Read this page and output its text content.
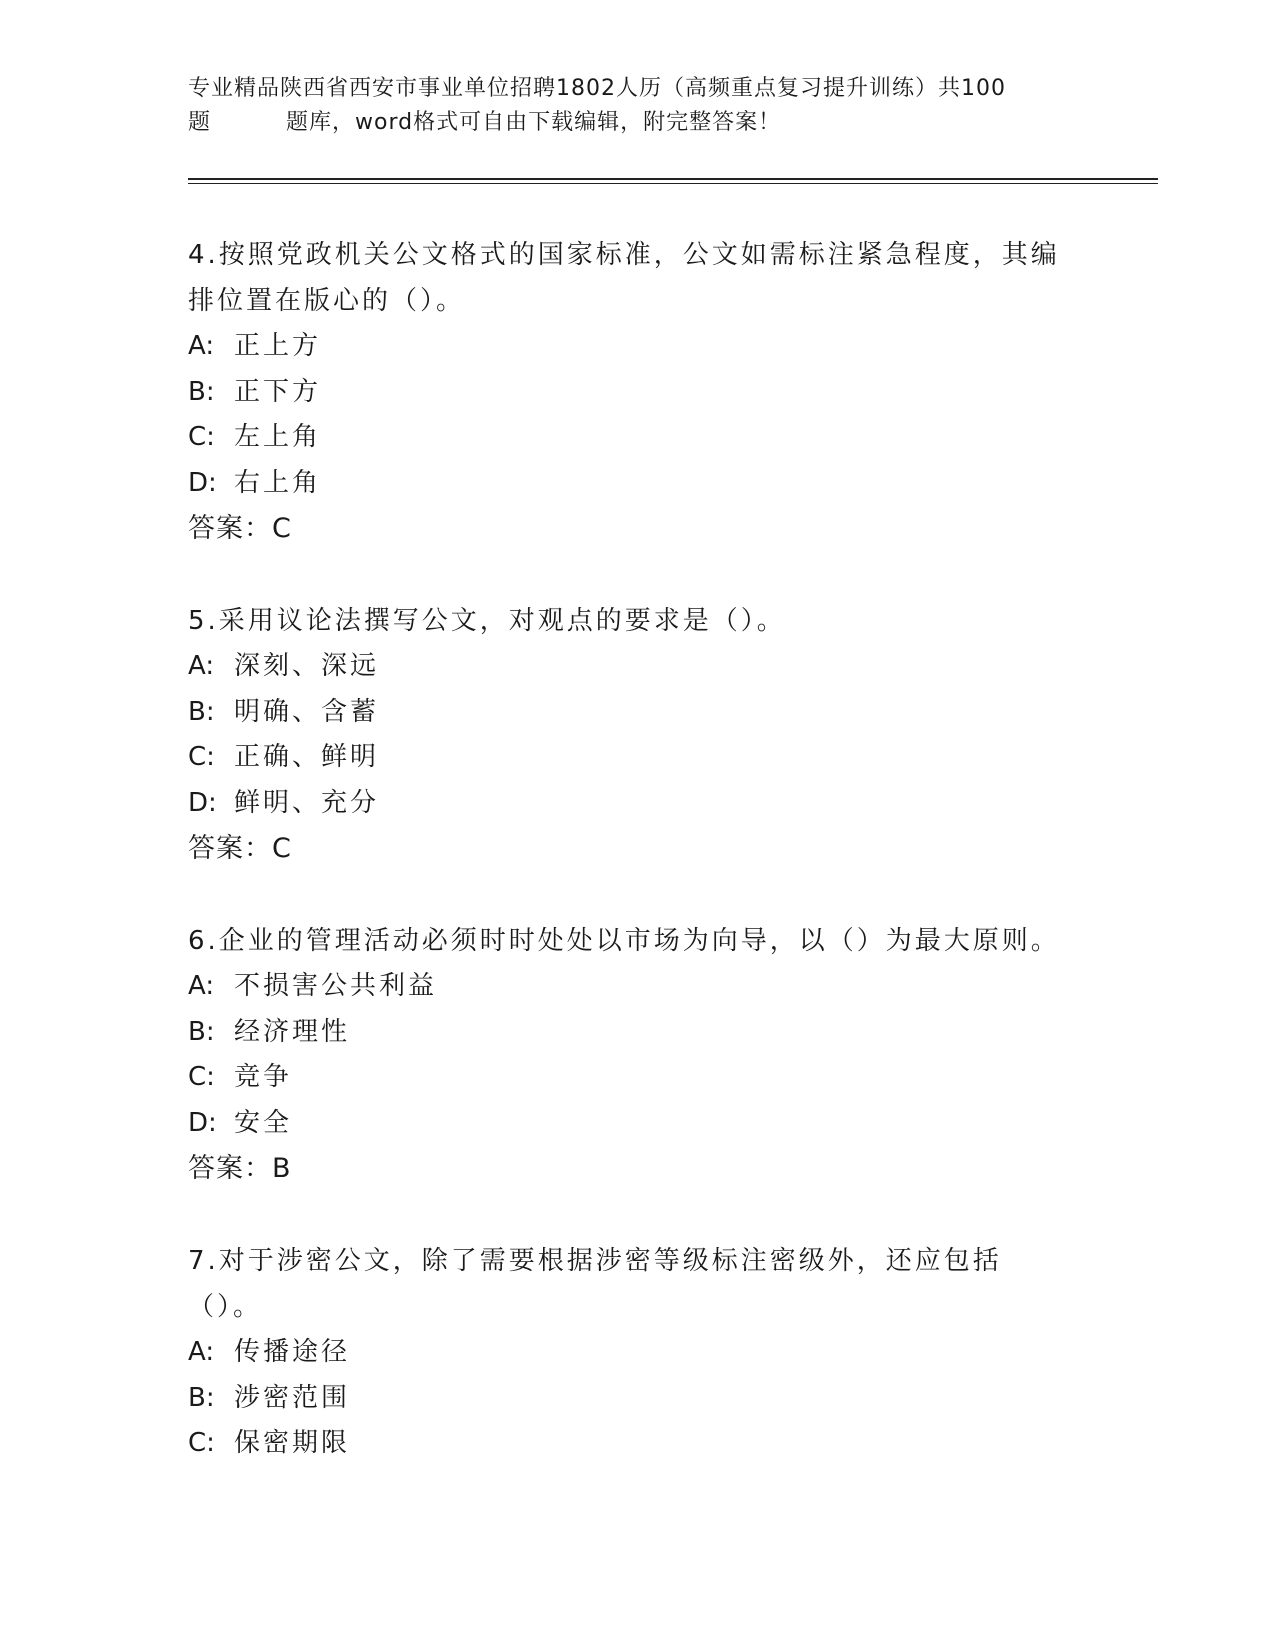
专业精品陕西省西安市事业单位招聘1802人历（高频重点复习提升训练）共100
题	题库，word格式可自由下载编辑，附完整答案！
4.按照党政机关公文格式的国家标准，公文如需标注紧急程度，其编排位置在版心的（）。
A: 正上方
B: 正下方
C: 左上角
D: 右上角
答案：C
5.采用议论法撰写公文，对观点的要求是（）。
A: 深刻、深远
B: 明确、含蓄
C: 正确、鲜明
D: 鲜明、充分
答案：C
6.企业的管理活动必须时时处处以市场为向导，以（）为最大原则。
A: 不损害公共利益
B: 经济理性
C: 竞争
D: 安全
答案：B
7.对于涉密公文，除了需要根据涉密等级标注密级外，还应包括（）。
A: 传播途径
B: 涉密范围
C: 保密期限
